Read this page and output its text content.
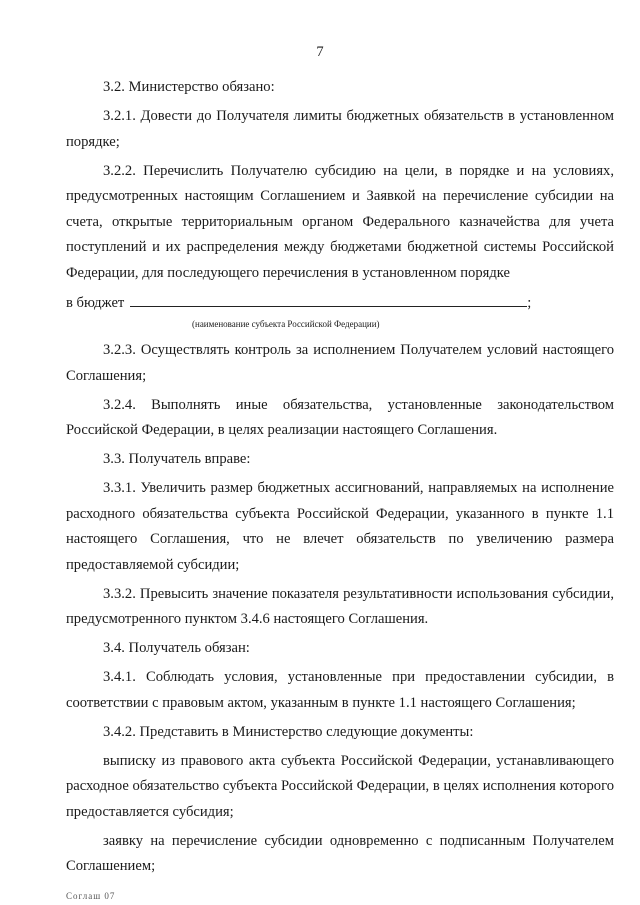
7

3.2. Министерство обязано:

3.2.1. Довести до Получателя лимиты бюджетных обязательств в установленном порядке;

3.2.2. Перечислить Получателю субсидию на цели, в порядке и на условиях, предусмотренных настоящим Соглашением и Заявкой на перечисление субсидии на счета, открытые территориальным органом Федерального казначейства для учета поступлений и их распределения между бюджетами бюджетной системы Российской Федерации, для последующего перечисления в установленном порядке

в бюджет	;
(наименование субъекта Российской Федерации)

3.2.3. Осуществлять контроль за исполнением Получателем условий настоящего Соглашения;

3.2.4. Выполнять иные обязательства, установленные законодательством Российской Федерации, в целях реализации настоящего Соглашения.

3.3. Получатель вправе:

3.3.1. Увеличить размер бюджетных ассигнований, направляемых на исполнение расходного обязательства субъекта Российской Федерации, указанного в пункте 1.1 настоящего Соглашения, что не влечет обязательств по увеличению размера предоставляемой субсидии;

3.3.2. Превысить значение показателя результативности использования субсидии, предусмотренного пунктом 3.4.6 настоящего Соглашения.

3.4. Получатель обязан:

3.4.1. Соблюдать условия, установленные при предоставлении субсидии, в соответствии с правовым актом, указанным в пункте 1.1 настоящего Соглашения;

3.4.2. Представить в Министерство следующие документы:

выписку из правового акта субъекта Российской Федерации, устанавливающего расходное обязательство субъекта Российской Федерации, в целях исполнения которого предоставляется субсидия;

заявку на перечисление субсидии одновременно с подписанным Получателем Соглашением;

Соглаш 07
